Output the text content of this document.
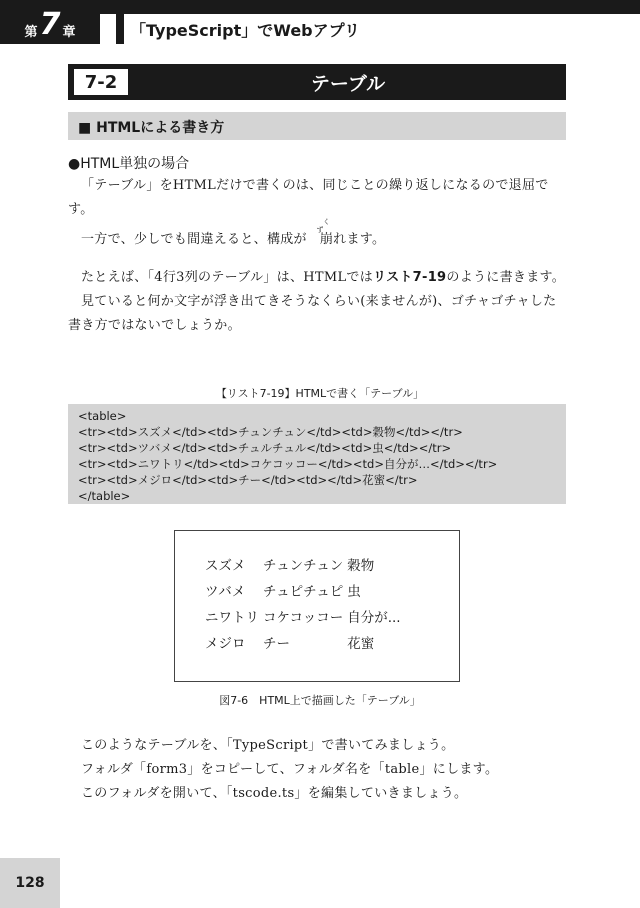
第 7 章	「TypeScript」でWebアプリ
7-2	テーブル
■ HTMLによる書き方
●HTML単独の場合

「テーブル」をHTMLだけで書くのは、同じことの繰り返しになるので退屈です。

一方で、少しでも間違えると、構成が
くず
崩れます。

たとえば、「4行3列のテーブル」は、HTMLではリスト7-19のように書きます。

見ていると何か文字が浮き出てきそうなくらい(来ませんが)、ゴチャゴチャした書き方ではないでしょうか。

【リスト7-19】HTMLで書く「テーブル」
<table>
<tr><td>スズメ</td><td>チュンチュン</td><td>穀物</td></tr>
<tr><td>ツバメ</td><td>チュルチュル</td><td>虫</td></tr>
<tr><td>ニワトリ</td><td>コケコッコー</td><td>自分が…</td></tr>
<tr><td>メジロ</td><td>チー</td><td></td>花蜜</tr>
</table>
スズメ	チュンチュン	穀物
ツバメ	チュピチュピ	虫
ニワトリ	コケコッコー	自分が...
メジロ	チー	花蜜
図7-6　HTML上で描画した「テーブル」

このようなテーブルを、「TypeScript」で書いてみましょう。

フォルダ「form3」をコピーして、フォルダ名を「table」にします。

このフォルダを開いて、「tscode.ts」を編集していきましょう。

128
